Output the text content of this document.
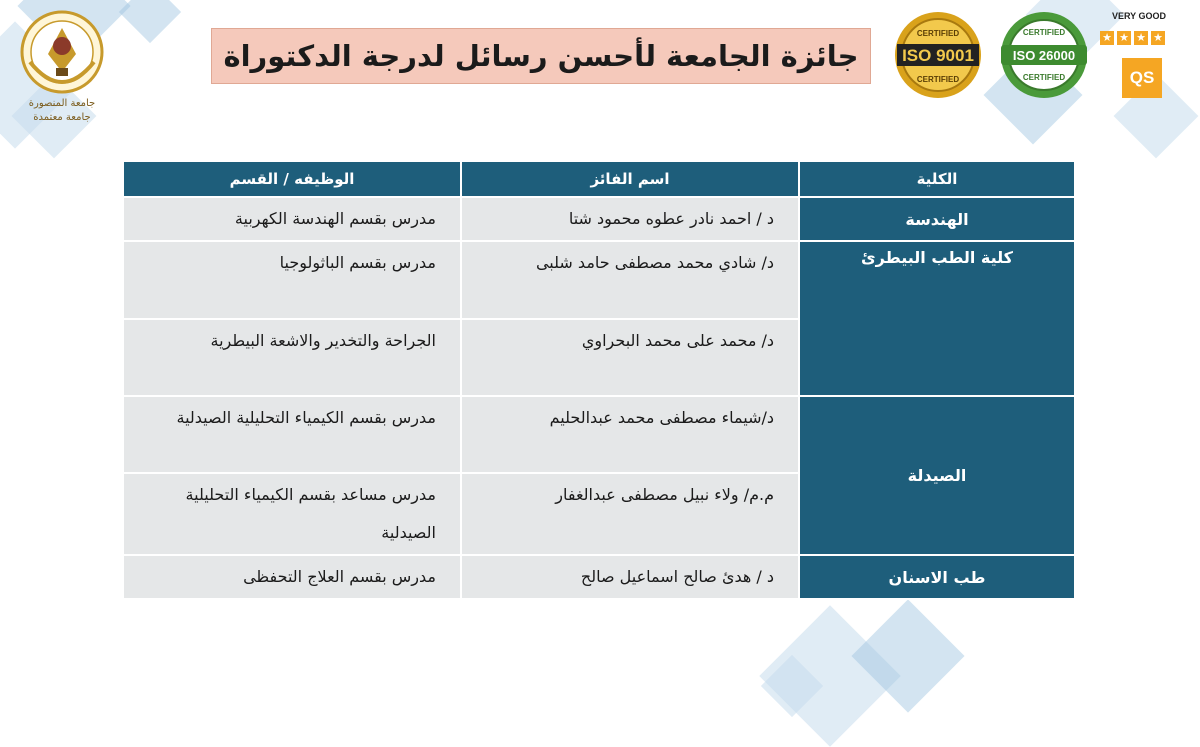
جامعة المنصورة
جامعة معتمدة
جائزة الجامعة لأحسن رسائل لدرجة الدكتوراة	ISO 9001
CERTIFIED
CERTIFIED
ISO 26000
CERTIFIED
CERTIFIED
VERY GOOD
★ ★ ★ ★
QS
الكلية	اسم الفائز	الوظيفه / القسم
الهندسة	د / احمد نادر عطوه محمود شتا	مدرس بقسم الهندسة الكهربية
كلية الطب البيطرئ	د/ شادي محمد مصطفى حامد شلبى	مدرس بقسم الباثولوجيا
	د/ محمد على محمد البحراوي	الجراحة والتخدير والاشعة البيطرية
الصيدلة	د/شيماء مصطفى محمد عبدالحليم	مدرس بقسم الكيمياء التحليلية الصيدلية
	م.م/ ولاء نبيل مصطفى عبدالغفار	مدرس مساعد بقسم الكيمياء التحليلية الصيدلية
طب الاسنان	د / هدئ صالح اسماعيل صالح	مدرس بقسم العلاج التحفظى
